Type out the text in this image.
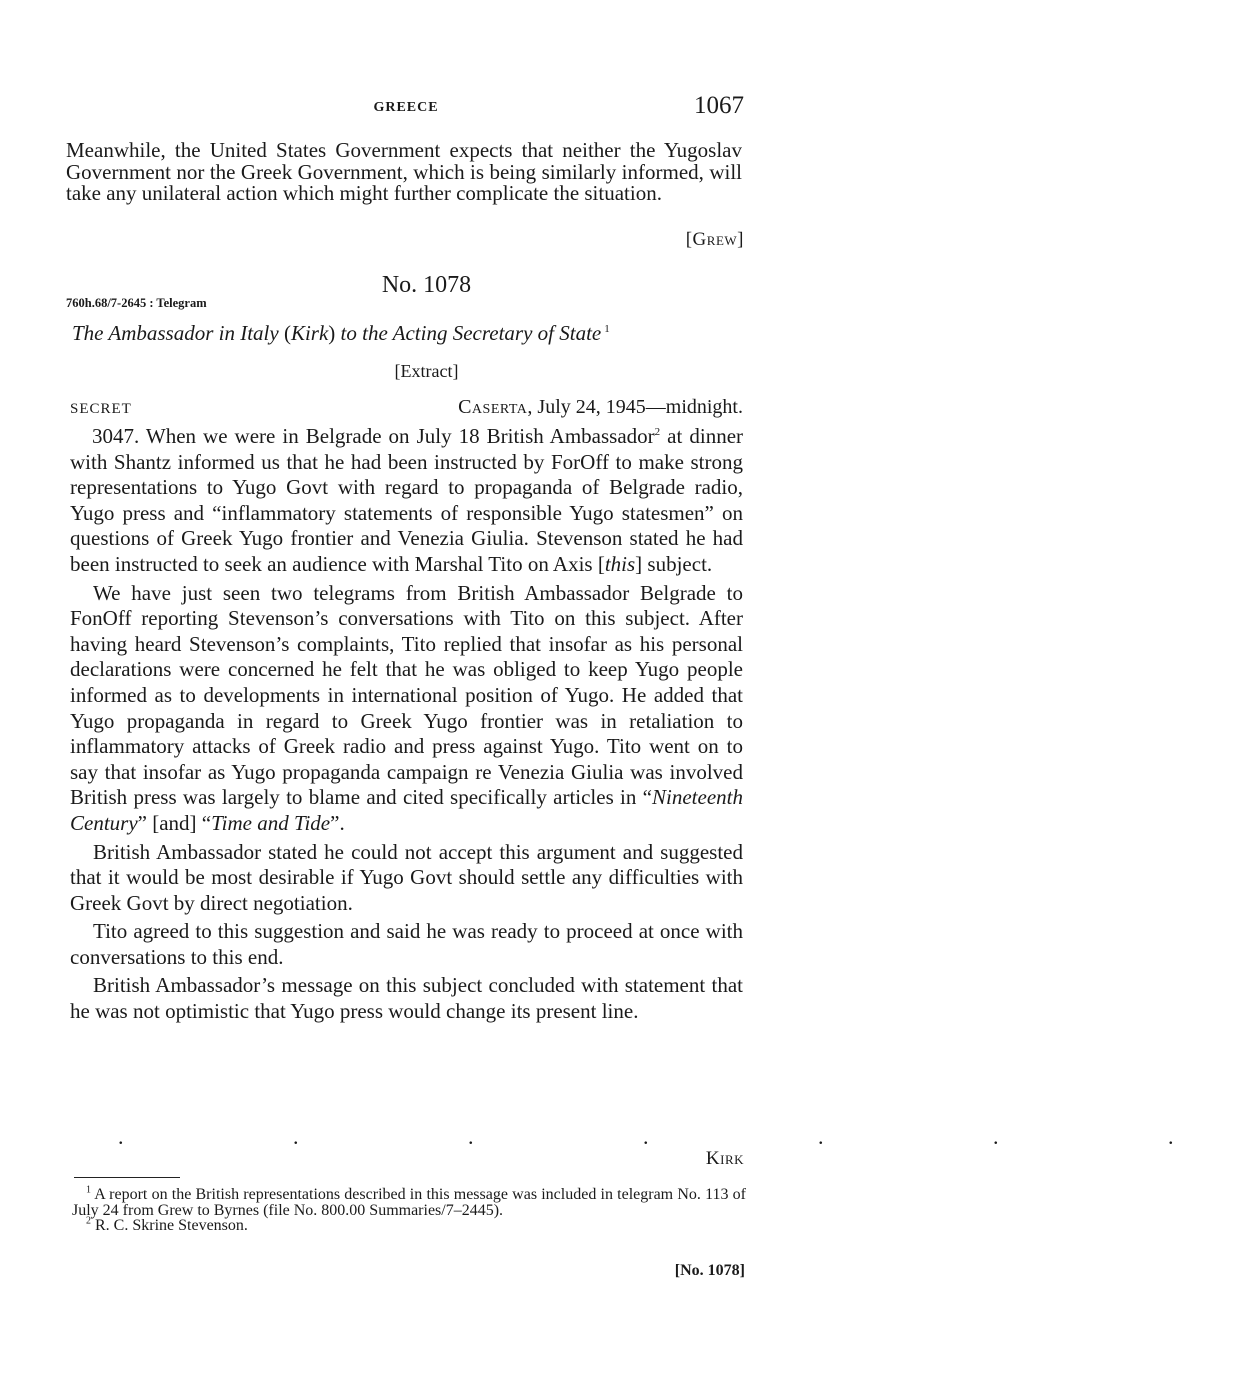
GREECE	1067
Meanwhile, the United States Government expects that neither the Yugoslav Government nor the Greek Government, which is being similarly informed, will take any unilateral action which might further complicate the situation.
[Grew]
No. 1078
760h.68/7-2645 : Telegram
The Ambassador in Italy (Kirk) to the Acting Secretary of State $^1$
[Extract]
SECRET	Caserta, July 24, 1945—midnight.

3047. When we were in Belgrade on July 18 British Ambassador$^2$ at dinner with Shantz informed us that he had been instructed by ForOff to make strong representations to Yugo Govt with regard to propaganda of Belgrade radio, Yugo press and “inflammatory statements of responsible Yugo statesmen” on questions of Greek Yugo frontier and Venezia Giulia. Stevenson stated he had been instructed to seek an audience with Marshal Tito on Axis [this] subject.

We have just seen two telegrams from British Ambassador Belgrade to FonOff reporting Stevenson’s conversations with Tito on this subject. After having heard Stevenson’s complaints, Tito replied that insofar as his personal declarations were concerned he felt that he was obliged to keep Yugo people informed as to developments in international position of Yugo. He added that Yugo propaganda in regard to Greek Yugo frontier was in retaliation to inflammatory attacks of Greek radio and press against Yugo. Tito went on to say that insofar as Yugo propaganda campaign re Venezia Giulia was involved British press was largely to blame and cited specifically articles in “Nineteenth Century” [and] “Time and Tide”.

British Ambassador stated he could not accept this argument and suggested that it would be most desirable if Yugo Govt should settle any difficulties with Greek Govt by direct negotiation.

Tito agreed to this suggestion and said he was ready to proceed at once with conversations to this end.

British Ambassador’s message on this subject concluded with statement that he was not optimistic that Yugo press would change its present line.

. . . . . . .
Kirk

$^1$ A report on the British representations described in this message was included in telegram No. 113 of July 24 from Grew to Byrnes (file No. 800.00 Summaries/7–2445).

$^2$ R. C. Skrine Stevenson.

[No. 1078]
